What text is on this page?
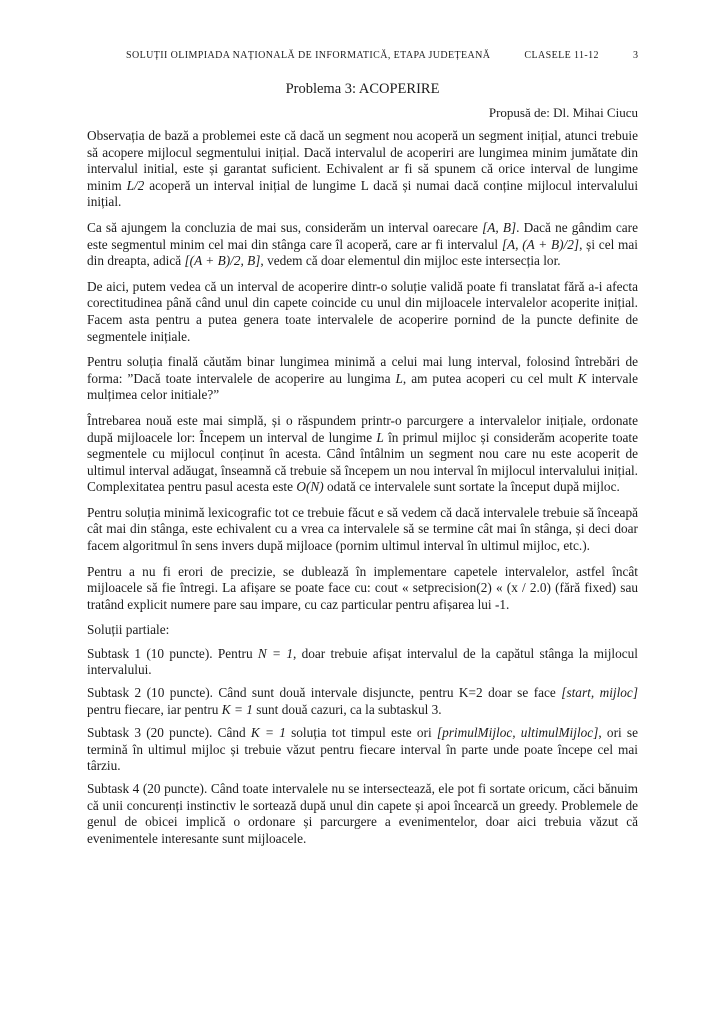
SOLUȚII OLIMPIADA NAȚIONALĂ DE INFORMATICĂ, ETAPA JUDEȚEANĂ	CLASELE 11-12	3
Problema 3: ACOPERIRE
Propusă de: Dl. Mihai Ciucu

Observația de bază a problemei este că dacă un segment nou acoperă un segment inițial, atunci trebuie să acopere mijlocul segmentului inițial. Dacă intervalul de acoperiri are lungimea minim jumătate din intervalul initial, este și garantat suficient. Echivalent ar fi să spunem că orice interval de lungime minim L/2 acoperă un interval inițial de lungime L dacă și numai dacă conține mijlocul intervalului inițial.

Ca să ajungem la concluzia de mai sus, considerăm un interval oarecare [A, B]. Dacă ne gândim care este segmentul minim cel mai din stânga care îl acoperă, care ar fi intervalul [A, (A + B)/2], și cel mai din dreapta, adică [(A + B)/2, B], vedem că doar elementul din mijloc este intersecția lor.

De aici, putem vedea că un interval de acoperire dintr-o soluție validă poate fi translatat fără a-i afecta corectitudinea până când unul din capete coincide cu unul din mijloacele intervalelor acoperite inițial. Facem asta pentru a putea genera toate intervalele de acoperire pornind de la puncte definite de segmentele inițiale.

Pentru soluția finală căutăm binar lungimea minimă a celui mai lung interval, folosind întrebări de forma: ”Dacă toate intervalele de acoperire au lungima L, am putea acoperi cu cel mult K intervale mulțimea celor initiale?”

Întrebarea nouă este mai simplă, și o răspundem printr-o parcurgere a intervalelor inițiale, ordonate după mijloacele lor: Începem un interval de lungime L în primul mijloc și considerăm acoperite toate segmentele cu mijlocul conținut în acesta. Când întâlnim un segment nou care nu este acoperit de ultimul interval adăugat, înseamnă că trebuie să începem un nou interval în mijlocul intervalului inițial. Complexitatea pentru pasul acesta este O(N) odată ce intervalele sunt sortate la început după mijloc.

Pentru soluția minimă lexicografic tot ce trebuie făcut e să vedem că dacă intervalele trebuie să înceapă cât mai din stânga, este echivalent cu a vrea ca intervalele să se termine cât mai în stânga, și deci doar facem algoritmul în sens invers după mijloace (pornim ultimul interval în ultimul mijloc, etc.).

Pentru a nu fi erori de precizie, se dublează în implementare capetele intervalelor, astfel încât mijloacele să fie întregi. La afișare se poate face cu: cout « setprecision(2) « (x / 2.0) (fără fixed) sau tratând explicit numere pare sau impare, cu caz particular pentru afișarea lui -1.

Soluții partiale:

Subtask 1 (10 puncte). Pentru N = 1, doar trebuie afișat intervalul de la capătul stânga la mijlocul intervalului.

Subtask 2 (10 puncte). Când sunt două intervale disjuncte, pentru K=2 doar se face [start, mijloc] pentru fiecare, iar pentru K = 1 sunt două cazuri, ca la subtaskul 3.

Subtask 3 (20 puncte). Când K = 1 soluția tot timpul este ori [primulMijloc, ultimulMijloc], ori se termină în ultimul mijloc și trebuie văzut pentru fiecare interval în parte unde poate începe cel mai târziu.

Subtask 4 (20 puncte). Când toate intervalele nu se intersectează, ele pot fi sortate oricum, căci bănuim că unii concurenți instinctiv le sortează după unul din capete și apoi încearcă un greedy. Problemele de genul de obicei implică o ordonare și parcurgere a evenimentelor, doar aici trebuia văzut că evenimentele interesante sunt mijloacele.
